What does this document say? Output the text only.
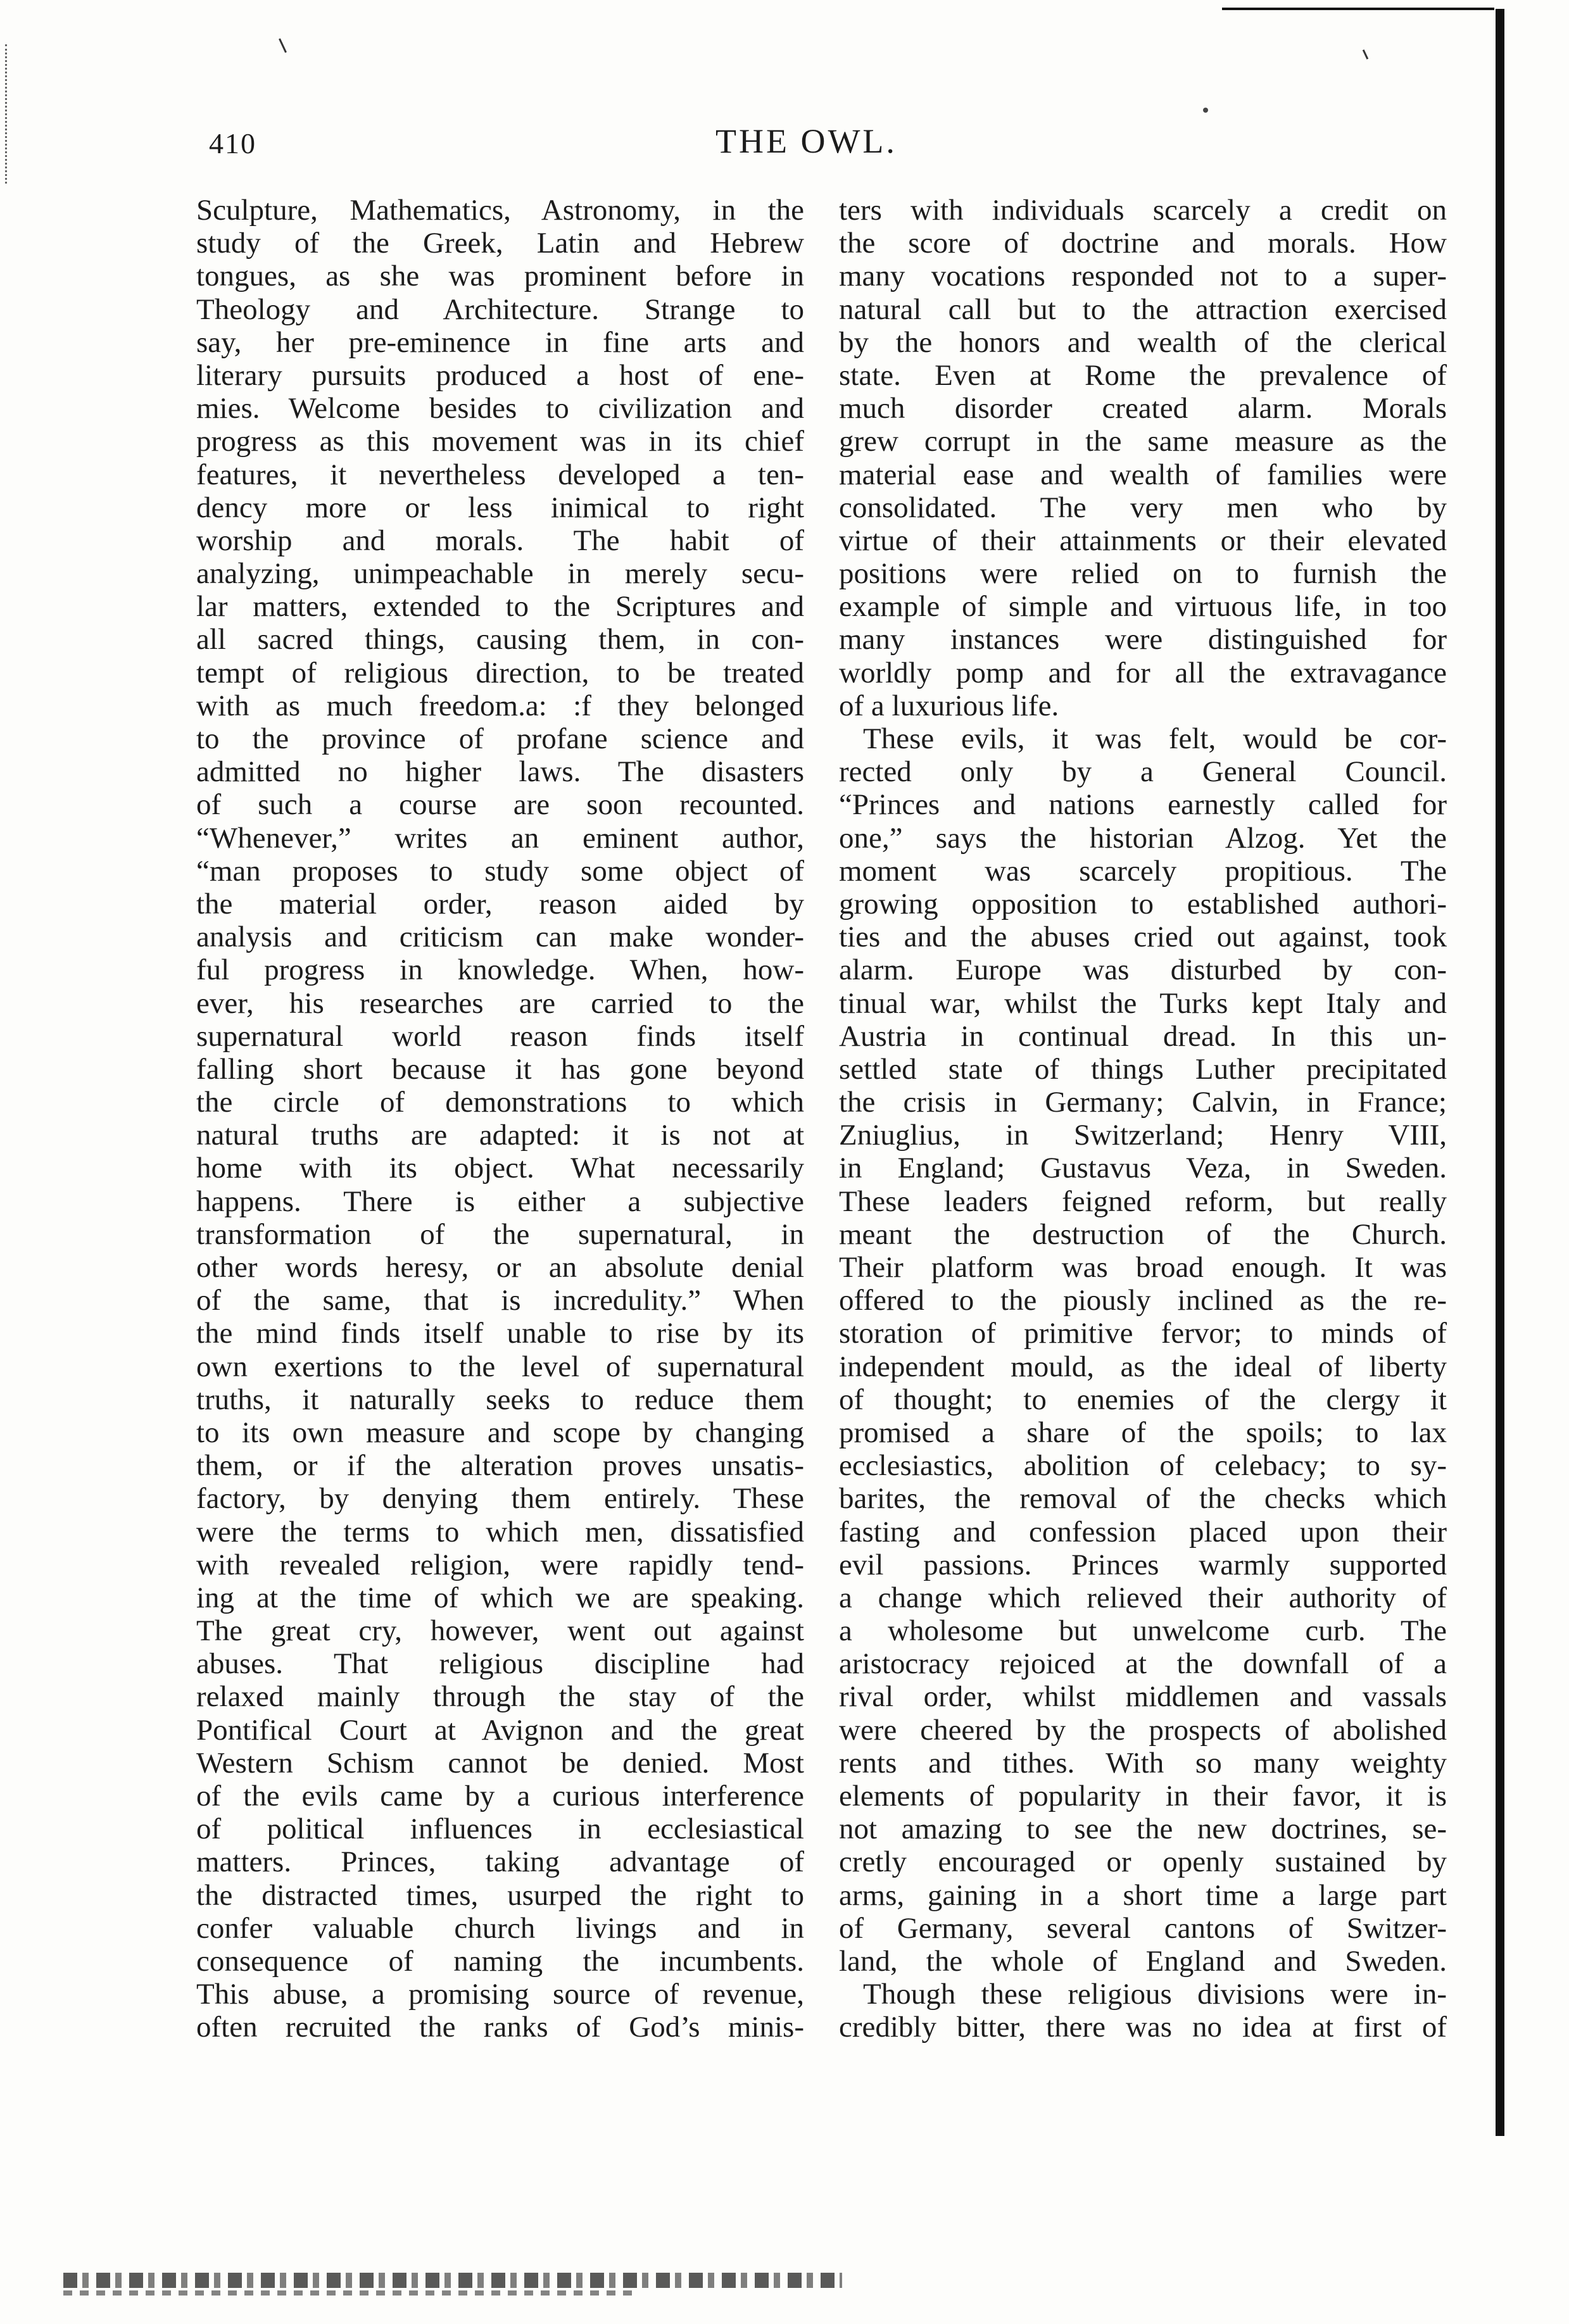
410	THE OWL.
Sculpture, Mathematics, Astronomy, in the
study of the Greek, Latin and Hebrew
tongues, as she was prominent before in
Theology and Architecture. Strange to
say, her pre-eminence in fine arts and
literary pursuits produced a host of ene-
mies. Welcome besides to civilization and
progress as this movement was in its chief
features, it nevertheless developed a ten-
dency more or less inimical to right
worship and morals. The habit of
analyzing, unimpeachable in merely secu-
lar matters, extended to the Scriptures and
all sacred things, causing them, in con-
tempt of religious direction, to be treated
with as much freedom.a: :f they belonged
to the province of profane science and
admitted no higher laws. The disasters
of such a course are soon recounted.
“Whenever,” writes an eminent author,
“man proposes to study some object of
the material order, reason aided by
analysis and criticism can make wonder-
ful progress in knowledge. When, how-
ever, his researches are carried to the
supernatural world reason finds itself
falling short because it has gone beyond
the circle of demonstrations to which
natural truths are adapted: it is not at
home with its object. What necessarily
happens. There is either a subjective
transformation of the supernatural, in
other words heresy, or an absolute denial
of the same, that is incredulity.” When
the mind finds itself unable to rise by its
own exertions to the level of supernatural
truths, it naturally seeks to reduce them
to its own measure and scope by changing
them, or if the alteration proves unsatis-
factory, by denying them entirely. These
were the terms to which men, dissatisfied
with revealed religion, were rapidly tend-
ing at the time of which we are speaking.
The great cry, however, went out against
abuses. That religious discipline had
relaxed mainly through the stay of the
Pontifical Court at Avignon and the great
Western Schism cannot be denied. Most
of the evils came by a curious interference
of political influences in ecclesiastical
matters. Princes, taking advantage of
the distracted times, usurped the right to
confer valuable church livings and in
consequence of naming the incumbents.
This abuse, a promising source of revenue,
often recruited the ranks of God’s minis-
ters with individuals scarcely a credit on
the score of doctrine and morals. How
many vocations responded not to a super-
natural call but to the attraction exercised
by the honors and wealth of the clerical
state. Even at Rome the prevalence of
much disorder created alarm. Morals
grew corrupt in the same measure as the
material ease and wealth of families were
consolidated. The very men who by
virtue of their attainments or their elevated
positions were relied on to furnish the
example of simple and virtuous life, in too
many instances were distinguished for
worldly pomp and for all the extravagance
of a luxurious life.
These evils, it was felt, would be cor-
rected only by a General Council.
“Princes and nations earnestly called for
one,” says the historian Alzog. Yet the
moment was scarcely propitious. The
growing opposition to established authori-
ties and the abuses cried out against, took
alarm. Europe was disturbed by con-
tinual war, whilst the Turks kept Italy and
Austria in continual dread. In this un-
settled state of things Luther precipitated
the crisis in Germany; Calvin, in France;
Zniuglius, in Switzerland; Henry VIII,
in England; Gustavus Veza, in Sweden.
These leaders feigned reform, but really
meant the destruction of the Church.
Their platform was broad enough. It was
offered to the piously inclined as the re-
storation of primitive fervor; to minds of
independent mould, as the ideal of liberty
of thought; to enemies of the clergy it
promised a share of the spoils; to lax
ecclesiastics, abolition of celebacy; to sy-
barites, the removal of the checks which
fasting and confession placed upon their
evil passions. Princes warmly supported
a change which relieved their authority of
a wholesome but unwelcome curb. The
aristocracy rejoiced at the downfall of a
rival order, whilst middlemen and vassals
were cheered by the prospects of abolished
rents and tithes. With so many weighty
elements of popularity in their favor, it is
not amazing to see the new doctrines, se-
cretly encouraged or openly sustained by
arms, gaining in a short time a large part
of Germany, several cantons of Switzer-
land, the whole of England and Sweden.
Though these religious divisions were in-
credibly bitter, there was no idea at first of
